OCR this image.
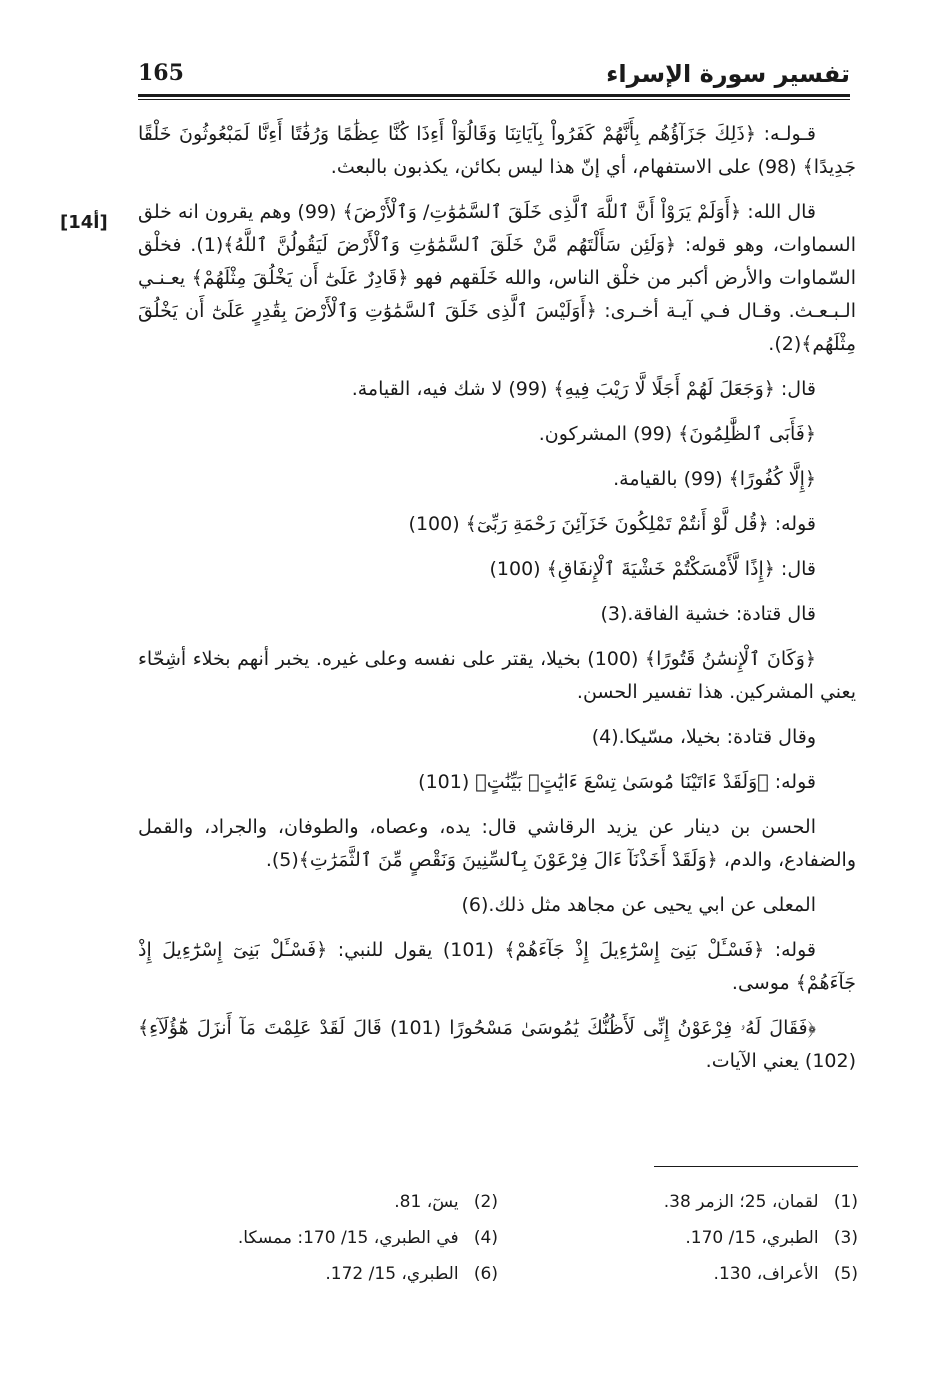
تفسير سورة الإسراء
165
[14أ]

قـولـه: ﴿ذَلِكَ جَزَآؤُهُم بِأَنَّهُمْ كَفَرُواْ بِآيَاتِنَا وَقَالُوٓاْ أَءِذَا كُنَّا عِظَٰمًا وَرُفَٰتًا أَءِنَّا لَمَبْعُوثُونَ خَلْقًا جَدِيدًا﴾ (98) على الاستفهام، أي إنّ هذا ليس بكائن، يكذبون بالبعث.

قال الله: ﴿أَوَلَمْ يَرَوْاْ أَنَّ ٱللَّهَ ٱلَّذِى خَلَقَ ٱلسَّمَٰوَٰتِ/ وَٱلْأَرْضَ﴾ (99) وهم يقرون انه خلق السماوات، وهو قوله: ﴿وَلَئِن سَأَلْتَهُم مَّنْ خَلَقَ ٱلسَّمَٰوَٰتِ وَٱلْأَرْضَ لَيَقُولُنَّ ٱللَّهُ﴾(1). فخلْق السّماوات والأرض أكبر من خلْق الناس، والله خَلَقهم فهو ﴿قَادِرٌ عَلَىٰٓ أَن يَخْلُقَ مِثْلَهُمْ﴾ يعـنـي الـبـعـث. وقـال فـي آيـة أخـرى: ﴿أَوَلَيْسَ ٱلَّذِى خَلَقَ ٱلسَّمَٰوَٰتِ وَٱلْأَرْضَ بِقَٰدِرٍ عَلَىٰٓ أَن يَخْلُقَ مِثْلَهُم﴾(2).

قال: ﴿وَجَعَلَ لَهُمْ أَجَلًا لَّا رَيْبَ فِيهِ﴾ (99) لا شك فيه، القيامة.

﴿فَأَبَى ٱلظَّٰلِمُونَ﴾ (99) المشركون.

﴿إِلَّا كُفُورًا﴾ (99) بالقيامة.

قوله: ﴿قُل لَّوْ أَنتُمْ تَمْلِكُونَ خَزَآئِنَ رَحْمَةِ رَبِّىٓ﴾ (100)

قال: ﴿إِذًا لَّأَمْسَكْتُمْ خَشْيَةَ ٱلْإِنفَاقِ﴾ (100)

قال قتادة: خشية الفاقة.(3)

﴿وَكَانَ ٱلْإِنسَٰنُ قَتُورًا﴾ (100) بخيلا، يقتر على نفسه وعلى غيره. يخبر أنهم بخلاء أشِحّاء يعني المشركين. هذا تفسير الحسن.

وقال قتادة: بخيلا، مسّيكا.(4)

قوله: ﴿وَلَقَدْ ءَاتَيْنَا مُوسَىٰ تِسْعَ ءَايَٰتٍۭ بَيِّنَٰتٍ﴾ (101)

الحسن بن دينار عن يزيد الرقاشي قال: يده، وعصاه، والطوفان، والجراد، والقمل والضفادع، والدم، ﴿وَلَقَدْ أَخَذْنَآ ءَالَ فِرْعَوْنَ بِٱلسِّنِينَ وَنَقْصٍ مِّنَ ٱلثَّمَرَٰتِ﴾(5).

المعلى عن ابي يحيى عن مجاهد مثل ذلك.(6)

قوله: ﴿فَسْـَٔلْ بَنِىٓ إِسْرَٰٓءِيلَ إِذْ جَآءَهُمْ﴾ (101) يقول للنبي: ﴿فَسْـَٔلْ بَنِىٓ إِسْرَٰٓءِيلَ إِذْ جَآءَهُمْ﴾ موسى.

﴿فَقَالَ لَهُۥ فِرْعَوْنُ إِنِّى لَأَظُنُّكَ يَٰمُوسَىٰ مَسْحُورًا (101) قَالَ لَقَدْ عَلِمْتَ مَآ أَنزَلَ هَٰٓؤُلَآءِ﴾ (102) يعني الآيات.

(1) لقمان، 25؛ الزمر 38.
(2) يسٓ، 81.
(3) الطبري، 15/ 170.
(4) في الطبري، 15/ 170: ممسكا.
(5) الأعراف، 130.
(6) الطبري، 15/ 172.
